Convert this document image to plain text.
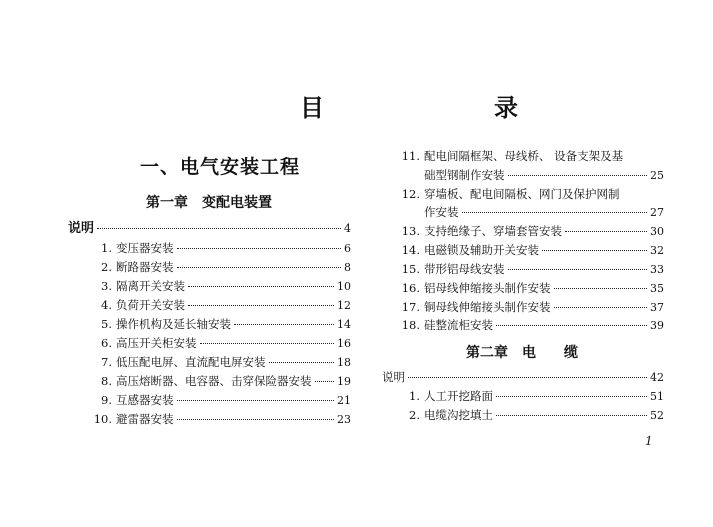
目	录
一、电气安装工程
第一章 变配电装置
说明	4
1. 变压器安装	6
2. 断路器安装	8
3. 隔离开关安装	10
4. 负荷开关安装	12
5. 操作机构及延长轴安装	14
6. 高压开关柜安装	16
7. 低压配电屏、直流配电屏安装	18
8. 高压熔断器、电容器、击穿保险器安装 19
9. 互感器安装	21
10. 避雷器安装	23
11. 配电间隔框架、母线桥、 设备支架及基
础型钢制作安装	25
12. 穿墙板、配电间隔板、网门及保护网制
作安装	27
13. 支持绝缘子、穿墙套管安装	30
14. 电磁锁及辅助开关安装	32
15. 带形铝母线安装	33
16. 铝母线伸缩接头制作安装	35
17. 铜母线伸缩接头制作安装	37
18. 硅整流柜安装	39
第二章 电 缆
说明	42
1. 人工开挖路面	51
2. 电缆沟挖填土	52
1
